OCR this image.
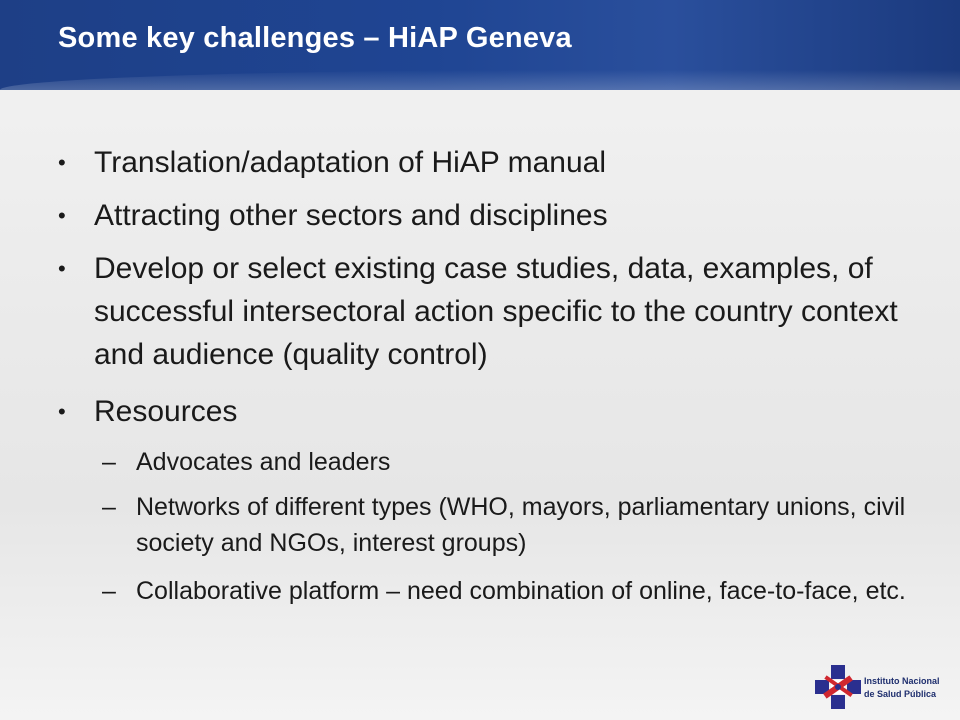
Some key challenges – HiAP Geneva
• Translation/adaptation of HiAP manual
• Attracting other sectors and disciplines
• Develop or select existing case studies, data, examples, of successful intersectoral action specific to the country context and audience (quality control)
• Resources
– Advocates and leaders
– Networks of different types (WHO, mayors, parliamentary unions, civil society and NGOs, interest groups)
– Collaborative platform – need combination of online, face-to-face, etc.
Instituto Nacional
de Salud Pública
